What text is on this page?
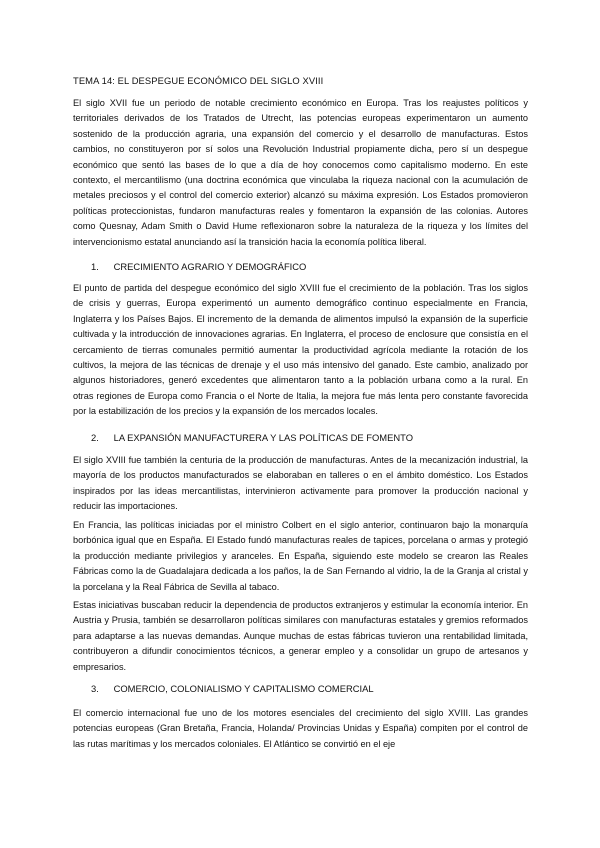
TEMA 14: EL DESPEGUE ECONÓMICO DEL SIGLO XVIII

El siglo XVII fue un periodo de notable crecimiento económico en Europa. Tras los reajustes políticos y territoriales derivados de los Tratados de Utrecht, las potencias europeas experimentaron un aumento sostenido de la producción agraria, una expansión del comercio y el desarrollo de manufacturas. Estos cambios, no constituyeron por sí solos una Revolución Industrial propiamente dicha, pero sí un despegue económico que sentó las bases de lo que a día de hoy conocemos como capitalismo moderno. En este contexto, el mercantilismo (una doctrina económica que vinculaba la riqueza nacional con la acumulación de metales preciosos y el control del comercio exterior) alcanzó su máxima expresión. Los Estados promovieron políticas proteccionistas, fundaron manufacturas reales y fomentaron la expansión de las colonias. Autores como Quesnay, Adam Smith o David Hume reflexionaron sobre la naturaleza de la riqueza y los límites del intervencionismo estatal anunciando así la transición hacia la economía política liberal.

1. CRECIMIENTO AGRARIO Y DEMOGRÁFICO

El punto de partida del despegue económico del siglo XVIII fue el crecimiento de la población. Tras los siglos de crisis y guerras, Europa experimentó un aumento demográfico continuo especialmente en Francia, Inglaterra y los Países Bajos. El incremento de la demanda de alimentos impulsó la expansión de la superficie cultivada y la introducción de innovaciones agrarias. En Inglaterra, el proceso de enclosure que consistía en el cercamiento de tierras comunales permitió aumentar la productividad agrícola mediante la rotación de los cultivos, la mejora de las técnicas de drenaje y el uso más intensivo del ganado. Este cambio, analizado por algunos historiadores, generó excedentes que alimentaron tanto a la población urbana como a la rural. En otras regiones de Europa como Francia o el Norte de Italia, la mejora fue más lenta pero constante favorecida por la estabilización de los precios y la expansión de los mercados locales.

2. LA EXPANSIÓN MANUFACTURERA Y LAS POLÍTICAS DE FOMENTO

El siglo XVIII fue también la centuria de la producción de manufacturas. Antes de la mecanización industrial, la mayoría de los productos manufacturados se elaboraban en talleres o en el ámbito doméstico. Los Estados inspirados por las ideas mercantilistas, intervinieron activamente para promover la producción nacional y reducir las importaciones.

En Francia, las políticas iniciadas por el ministro Colbert en el siglo anterior, continuaron bajo la monarquía borbónica igual que en España. El Estado fundó manufacturas reales de tapices, porcelana o armas y protegió la producción mediante privilegios y aranceles. En España, siguiendo este modelo se crearon las Reales Fábricas como la de Guadalajara dedicada a los paños, la de San Fernando al vidrio, la de la Granja al cristal y la porcelana y la Real Fábrica de Sevilla al tabaco.

Estas iniciativas buscaban reducir la dependencia de productos extranjeros y estimular la economía interior. En Austria y Prusia, también se desarrollaron políticas similares con manufacturas estatales y gremios reformados para adaptarse a las nuevas demandas. Aunque muchas de estas fábricas tuvieron una rentabilidad limitada, contribuyeron a difundir conocimientos técnicos, a generar empleo y a consolidar un grupo de artesanos y empresarios.

3. COMERCIO, COLONIALISMO Y CAPITALISMO COMERCIAL

El comercio internacional fue uno de los motores esenciales del crecimiento del siglo XVIII. Las grandes potencias europeas (Gran Bretaña, Francia, Holanda/ Provincias Unidas y España) compiten por el control de las rutas marítimas y los mercados coloniales. El Atlántico se convirtió en el eje
